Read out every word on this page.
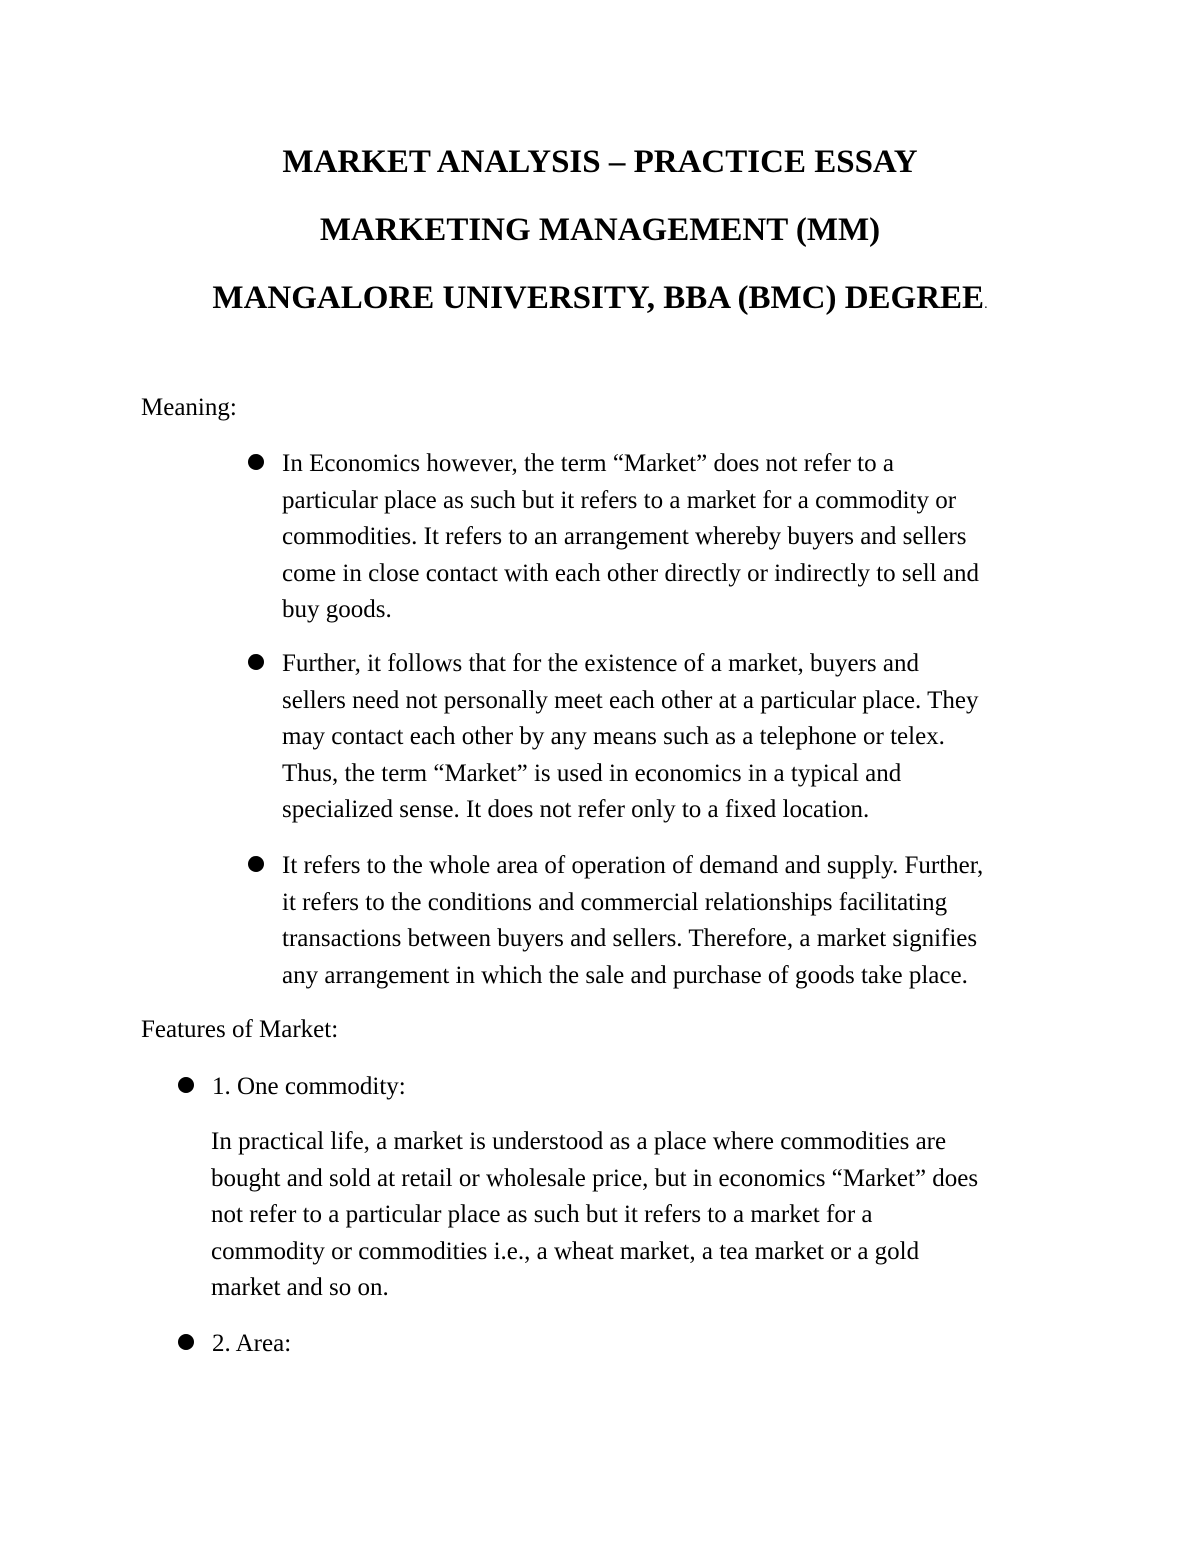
MARKET ANALYSIS – PRACTICE ESSAY
MARKETING MANAGEMENT (MM)
MANGALORE UNIVERSITY, BBA (BMC) DEGREE.
Meaning:
In Economics however, the term “Market” does not refer to a
particular place as such but it refers to a market for a commodity or
commodities. It refers to an arrangement whereby buyers and sellers
come in close contact with each other directly or indirectly to sell and
buy goods.
Further, it follows that for the existence of a market, buyers and
sellers need not personally meet each other at a particular place. They
may contact each other by any means such as a telephone or telex.
Thus, the term “Market” is used in economics in a typical and
specialized sense. It does not refer only to a fixed location.
It refers to the whole area of operation of demand and supply. Further,
it refers to the conditions and commercial relationships facilitating
transactions between buyers and sellers. Therefore, a market signifies
any arrangement in which the sale and purchase of goods take place.
Features of Market:
1. One commodity:
In practical life, a market is understood as a place where commodities are
bought and sold at retail or wholesale price, but in economics “Market” does
not refer to a particular place as such but it refers to a market for a
commodity or commodities i.e., a wheat market, a tea market or a gold
market and so on.
2. Area:
